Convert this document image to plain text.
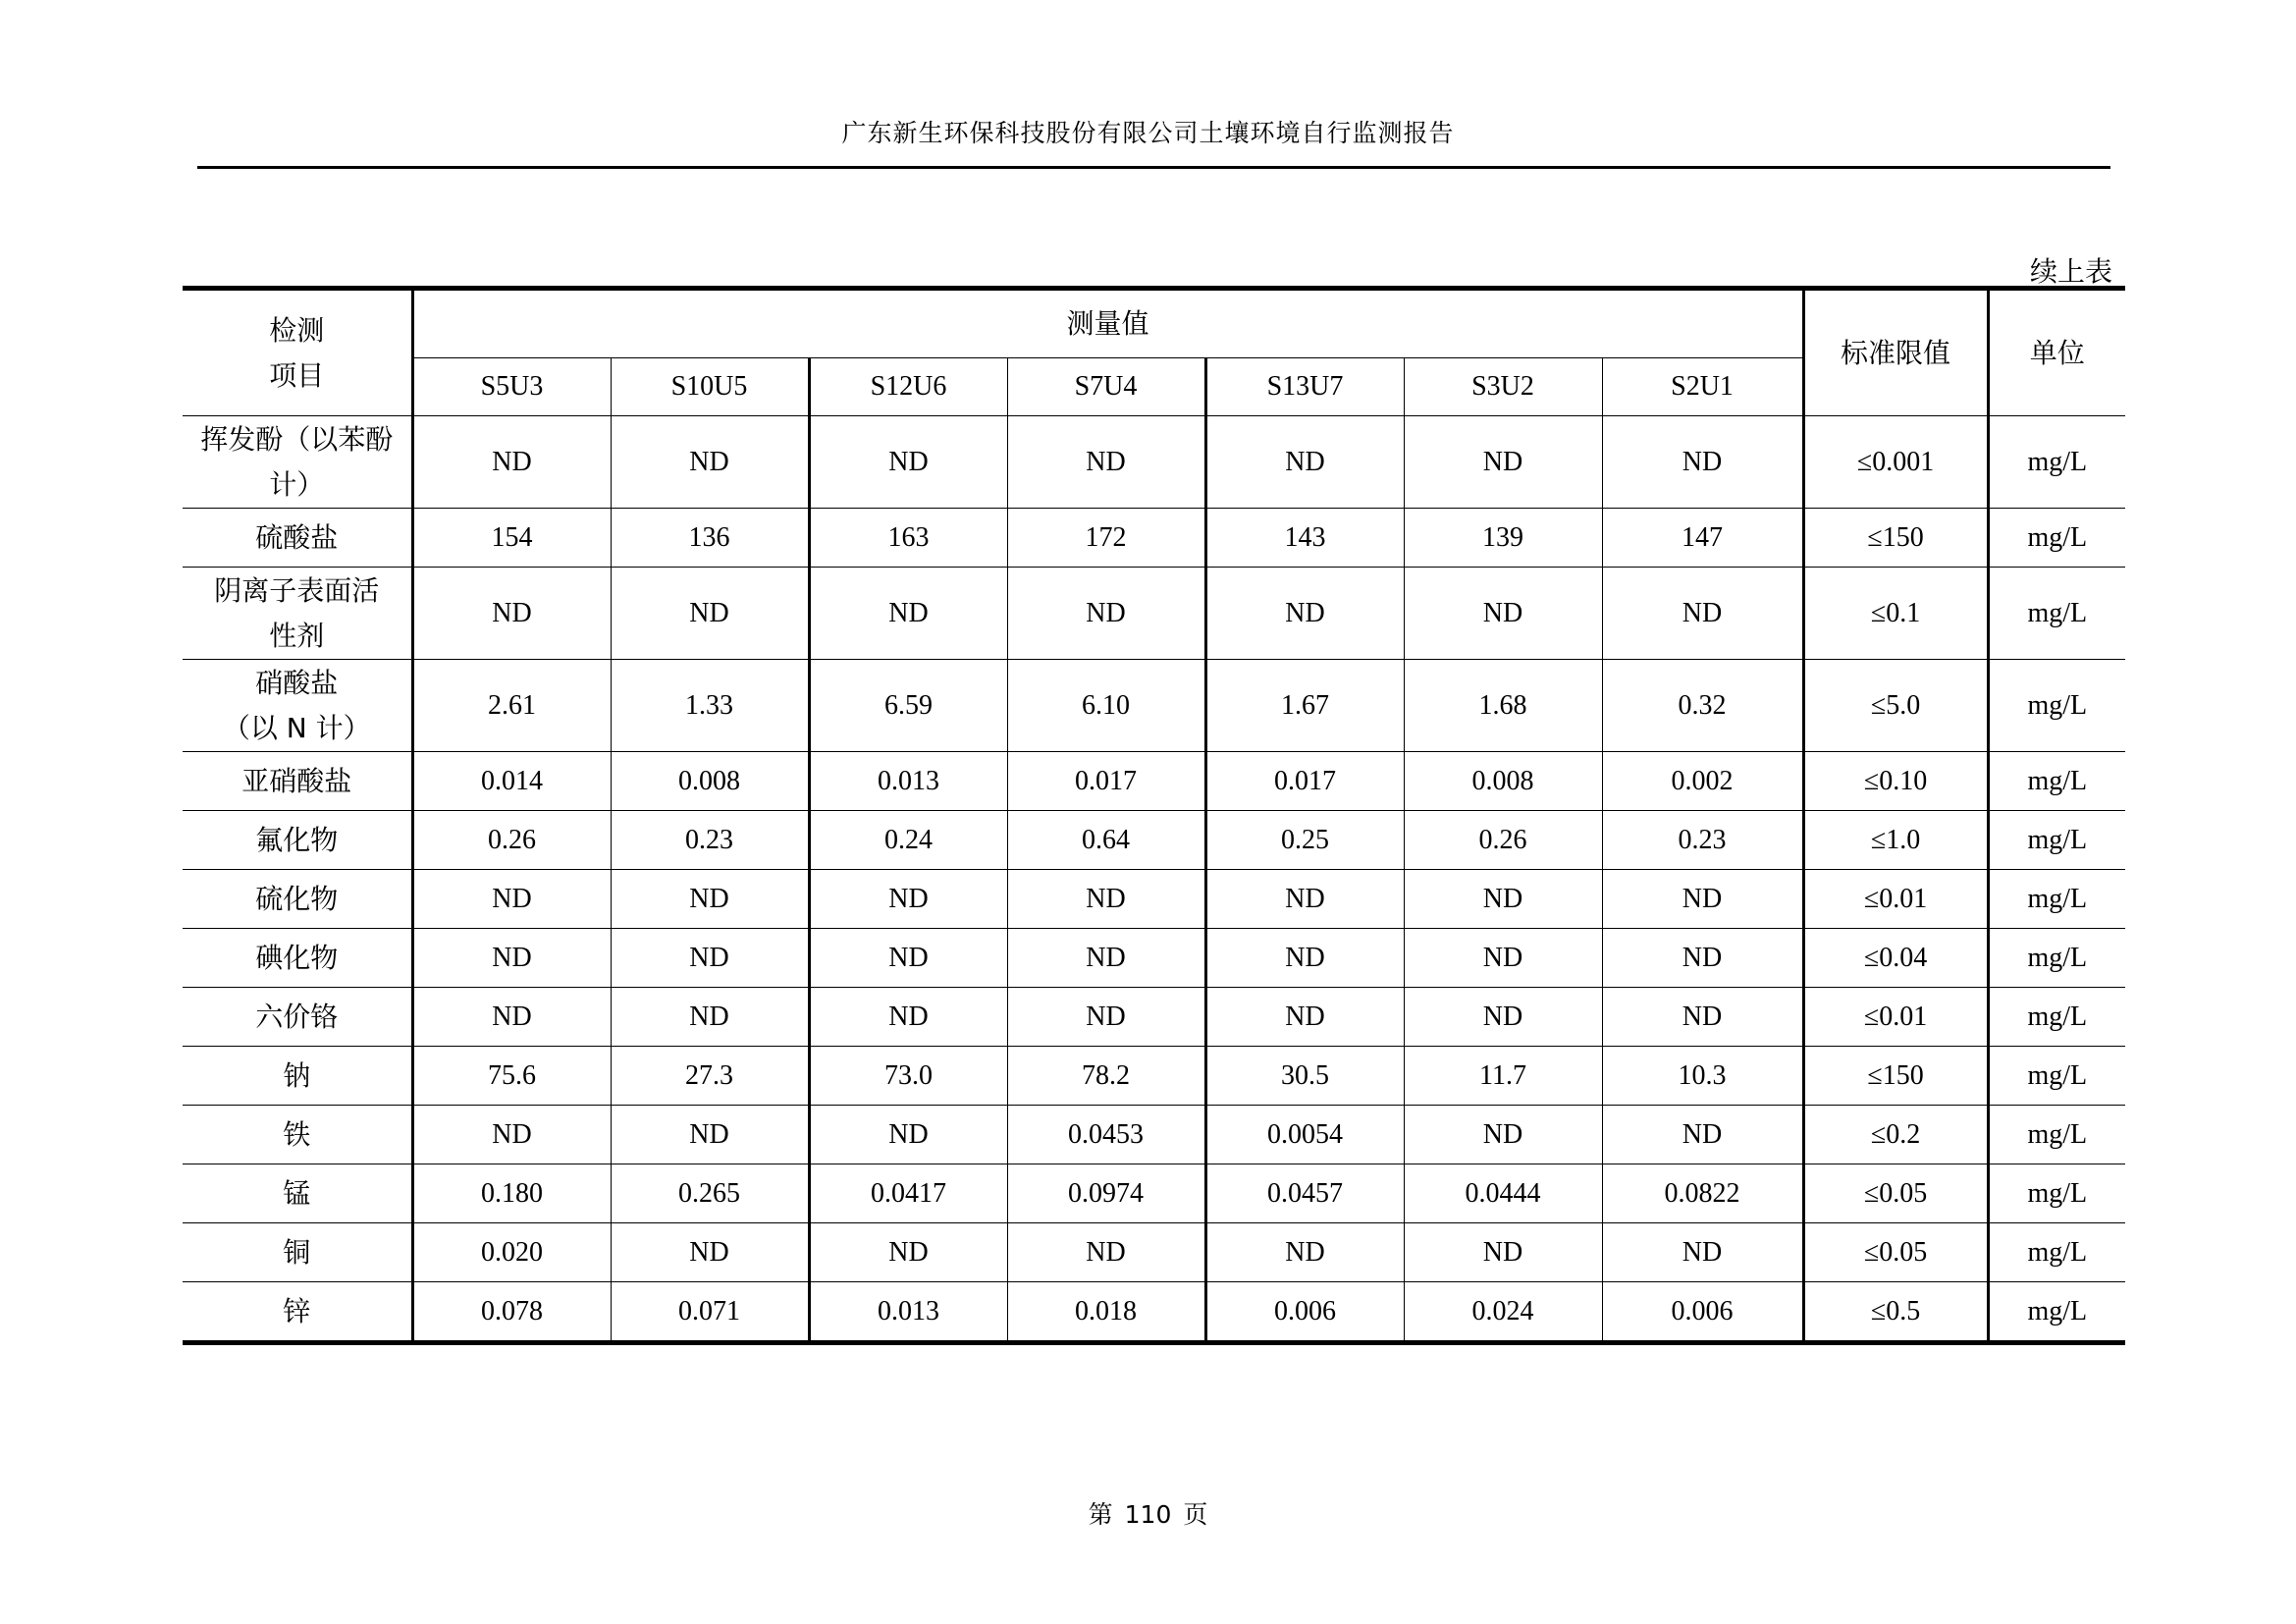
广东新生环保科技股份有限公司土壤环境自行监测报告
续上表
检测
项目	测量值							标准限值	单位
	S5U3	S10U5	S12U6	S7U4	S13U7	S3U2	S2U1		

挥发酚（以苯酚
计）	ND	ND	ND	ND	ND	ND	ND	≤0.001	mg/L

硫酸盐	154	136	163	172	143	139	147	≤150	mg/L

阴离子表面活
性剂	ND	ND	ND	ND	ND	ND	ND	≤0.1	mg/L

硝酸盐
（以 N 计）	2.61	1.33	6.59	6.10	1.67	1.68	0.32	≤5.0	mg/L

亚硝酸盐	0.014	0.008	0.013	0.017	0.017	0.008	0.002	≤0.10	mg/L

氟化物	0.26	0.23	0.24	0.64	0.25	0.26	0.23	≤1.0	mg/L

硫化物	ND	ND	ND	ND	ND	ND	ND	≤0.01	mg/L

碘化物	ND	ND	ND	ND	ND	ND	ND	≤0.04	mg/L

六价铬	ND	ND	ND	ND	ND	ND	ND	≤0.01	mg/L

钠	75.6	27.3	73.0	78.2	30.5	11.7	10.3	≤150	mg/L

铁	ND	ND	ND	0.0453	0.0054	ND	ND	≤0.2	mg/L

锰	0.180	0.265	0.0417	0.0974	0.0457	0.0444	0.0822	≤0.05	mg/L

铜	0.020	ND	ND	ND	ND	ND	ND	≤0.05	mg/L

锌	0.078	0.071	0.013	0.018	0.006	0.024	0.006	≤0.5	mg/L
第 110 页
